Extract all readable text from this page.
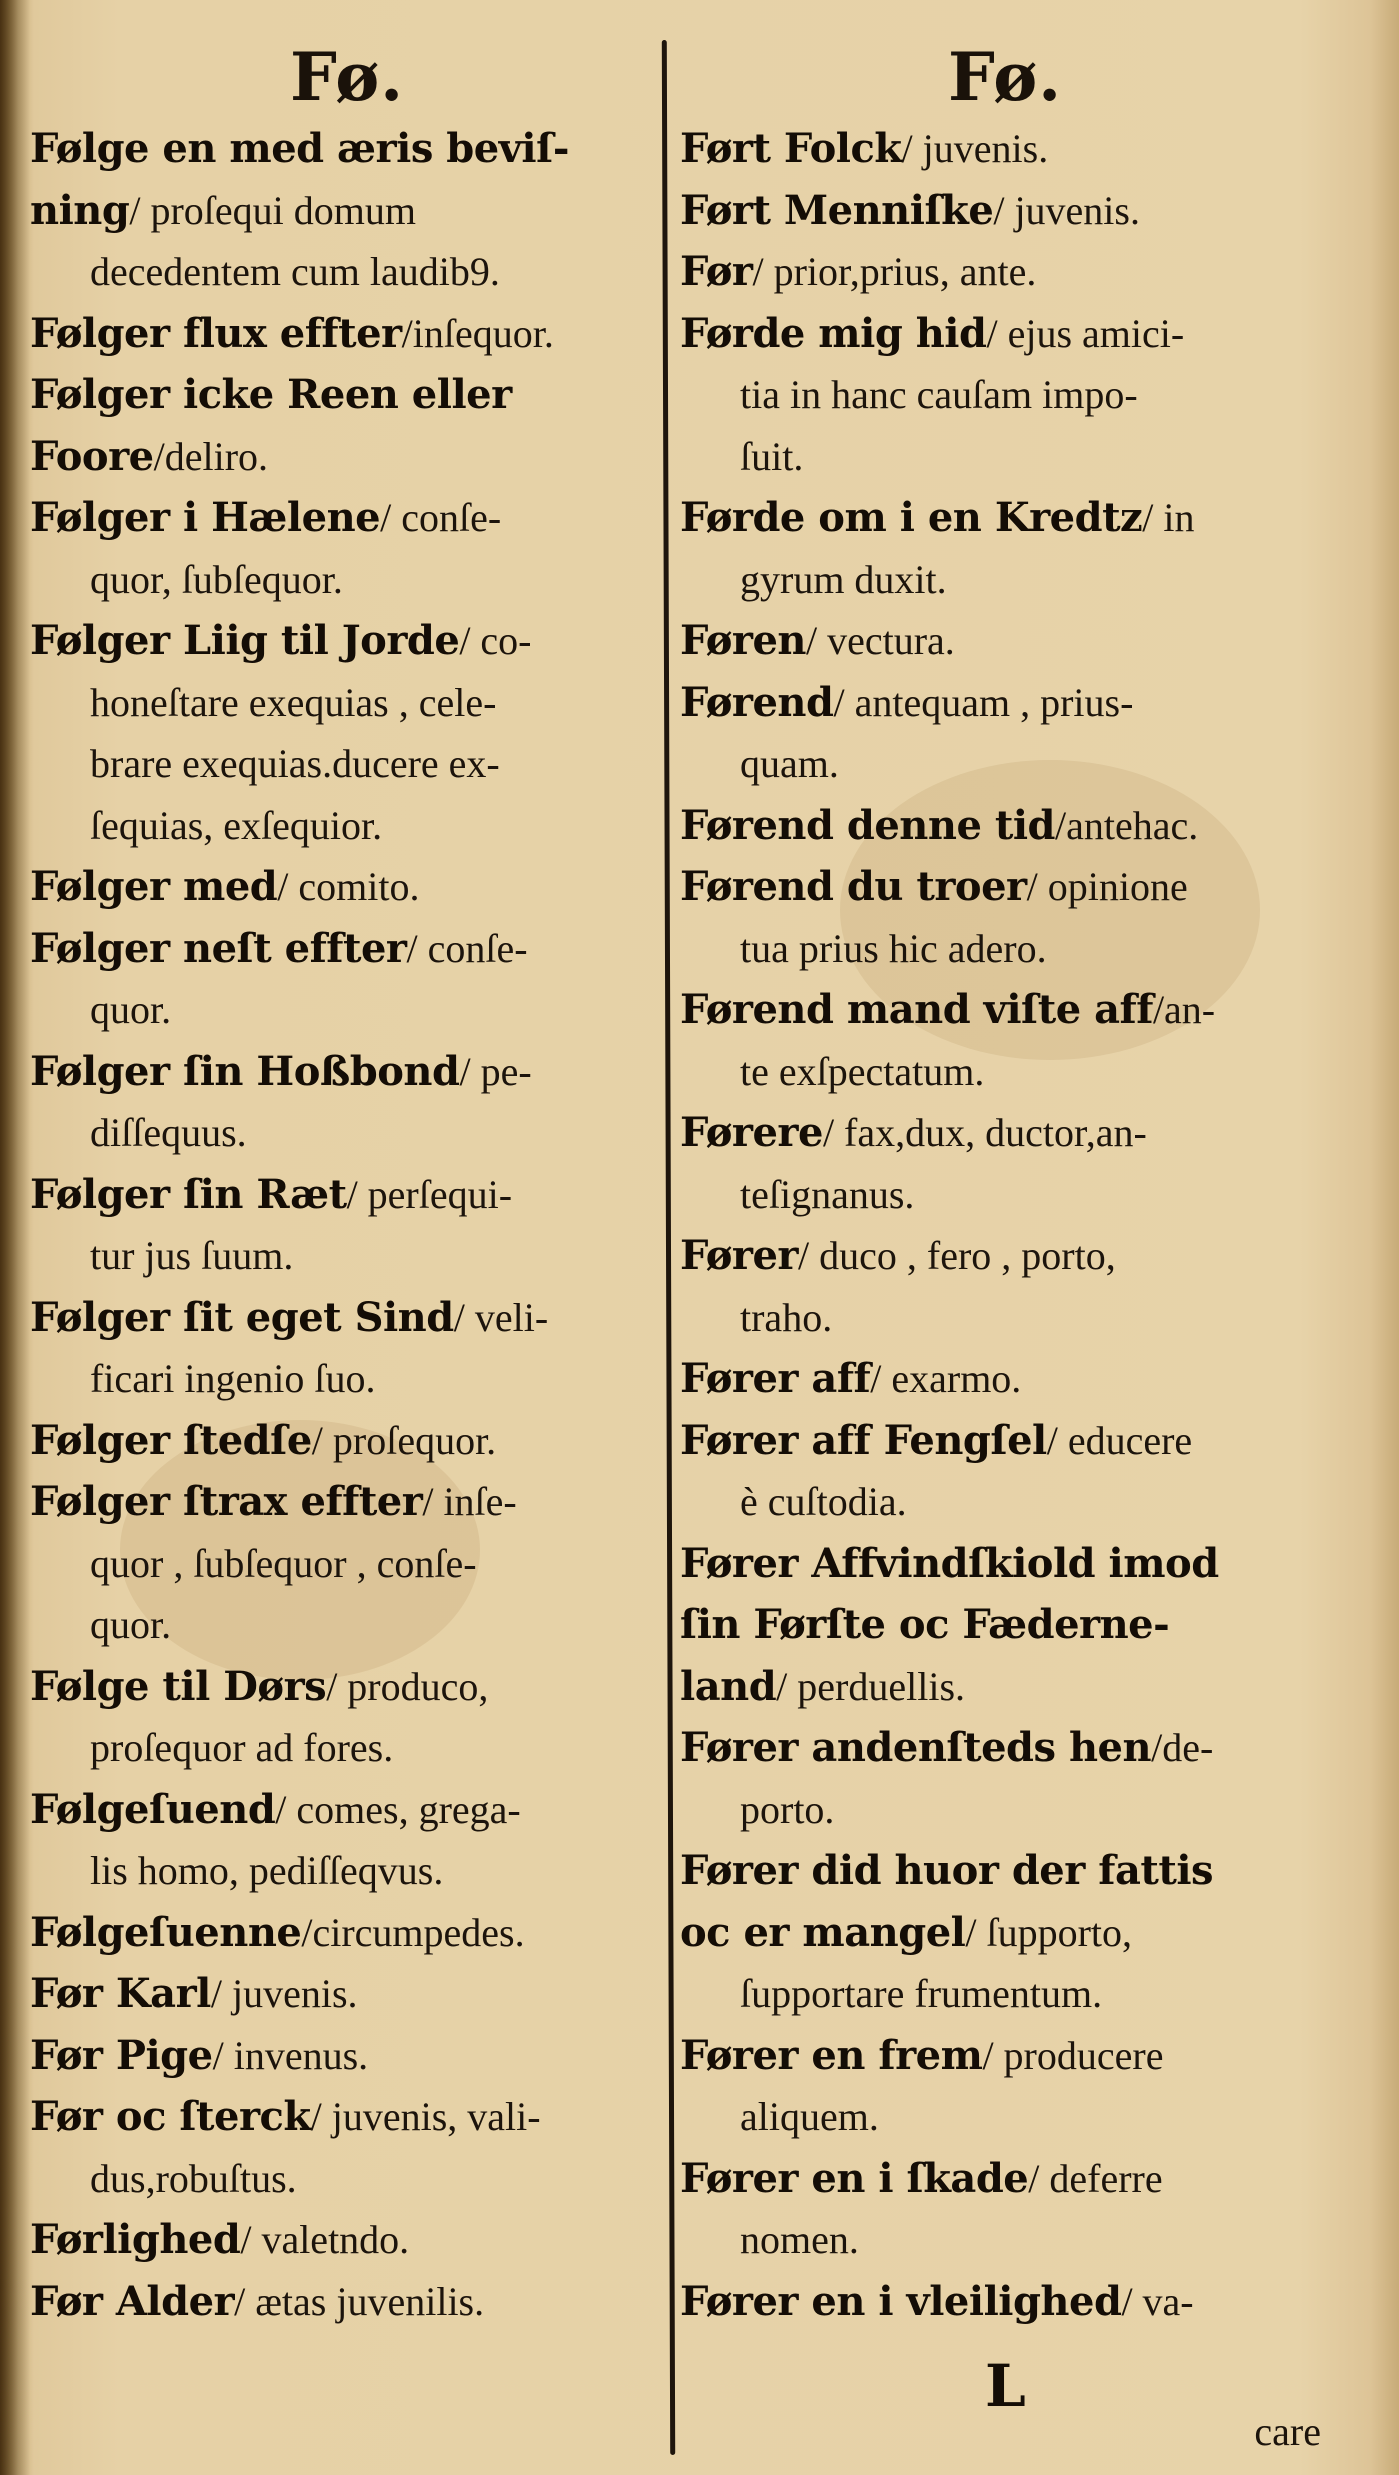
Fø.	Fø.
Følge en med æris beviſ-
ning/ proſequi domum
decedentem cum laudib9.
Følger flux effter/inſequor.
Følger icke Reen eller
Foore/deliro.
Følger i Hælene/ conſe-
quor, ſubſequor.
Følger Liig til Jorde/ co-
honeſtare exequias , cele-
brare exequias.ducere ex-
ſequias, exſequior.
Følger med/ comito.
Følger neſt effter/ conſe-
quor.
Følger ſin Hoßbond/ pe-
diſſequus.
Følger ſin Ræt/ perſequi-
tur jus ſuum.
Følger ſit eget Sind/ veli-
ficari ingenio ſuo.
Følger ſtedſe/ proſequor.
Følger ſtrax effter/ inſe-
quor , ſubſequor , conſe-
quor.
Følge til Dørs/ produco,
proſequor ad fores.
Følgeſuend/ comes, grega-
lis homo, pediſſeqvus.
Følgeſuenne/circumpedes.
Før Karl/ juvenis.
Før Pige/ invenus.
Før oc ſterck/ juvenis, vali-
dus,robuſtus.
Førlighed/ valetndo.
Før Alder/ ætas juvenilis.
Ført Folck/ juvenis.
Ført Menniſke/ juvenis.
Før/ prior,prius, ante.
Førde mig hid/ ejus amici-
tia in hanc cauſam impo-
ſuit.
Førde om i en Kredtz/ in
gyrum duxit.
Føren/ vectura.
Førend/ antequam , prius-
quam.
Førend denne tid/antehac.
Førend du troer/ opinione
tua prius hic adero.
Førend mand viſte aff/an-
te exſpectatum.
Førere/ fax,dux, ductor,an-
teſignanus.
Fører/ duco , fero , porto,
traho.
Fører aff/ exarmo.
Fører aff Fengſel/ educere
è cuſtodia.
Fører Affvindſkiold imod
ſin Førſte oc Fæderne-
land/ perduellis.
Fører andenſteds hen/de-
porto.
Fører did huor der fattis
oc er mangel/ ſupporto,
ſupportare frumentum.
Fører en frem/ producere
aliquem.
Fører en i ſkade/ deferre
nomen.
Fører en i vleilighed/ va-
L
care
